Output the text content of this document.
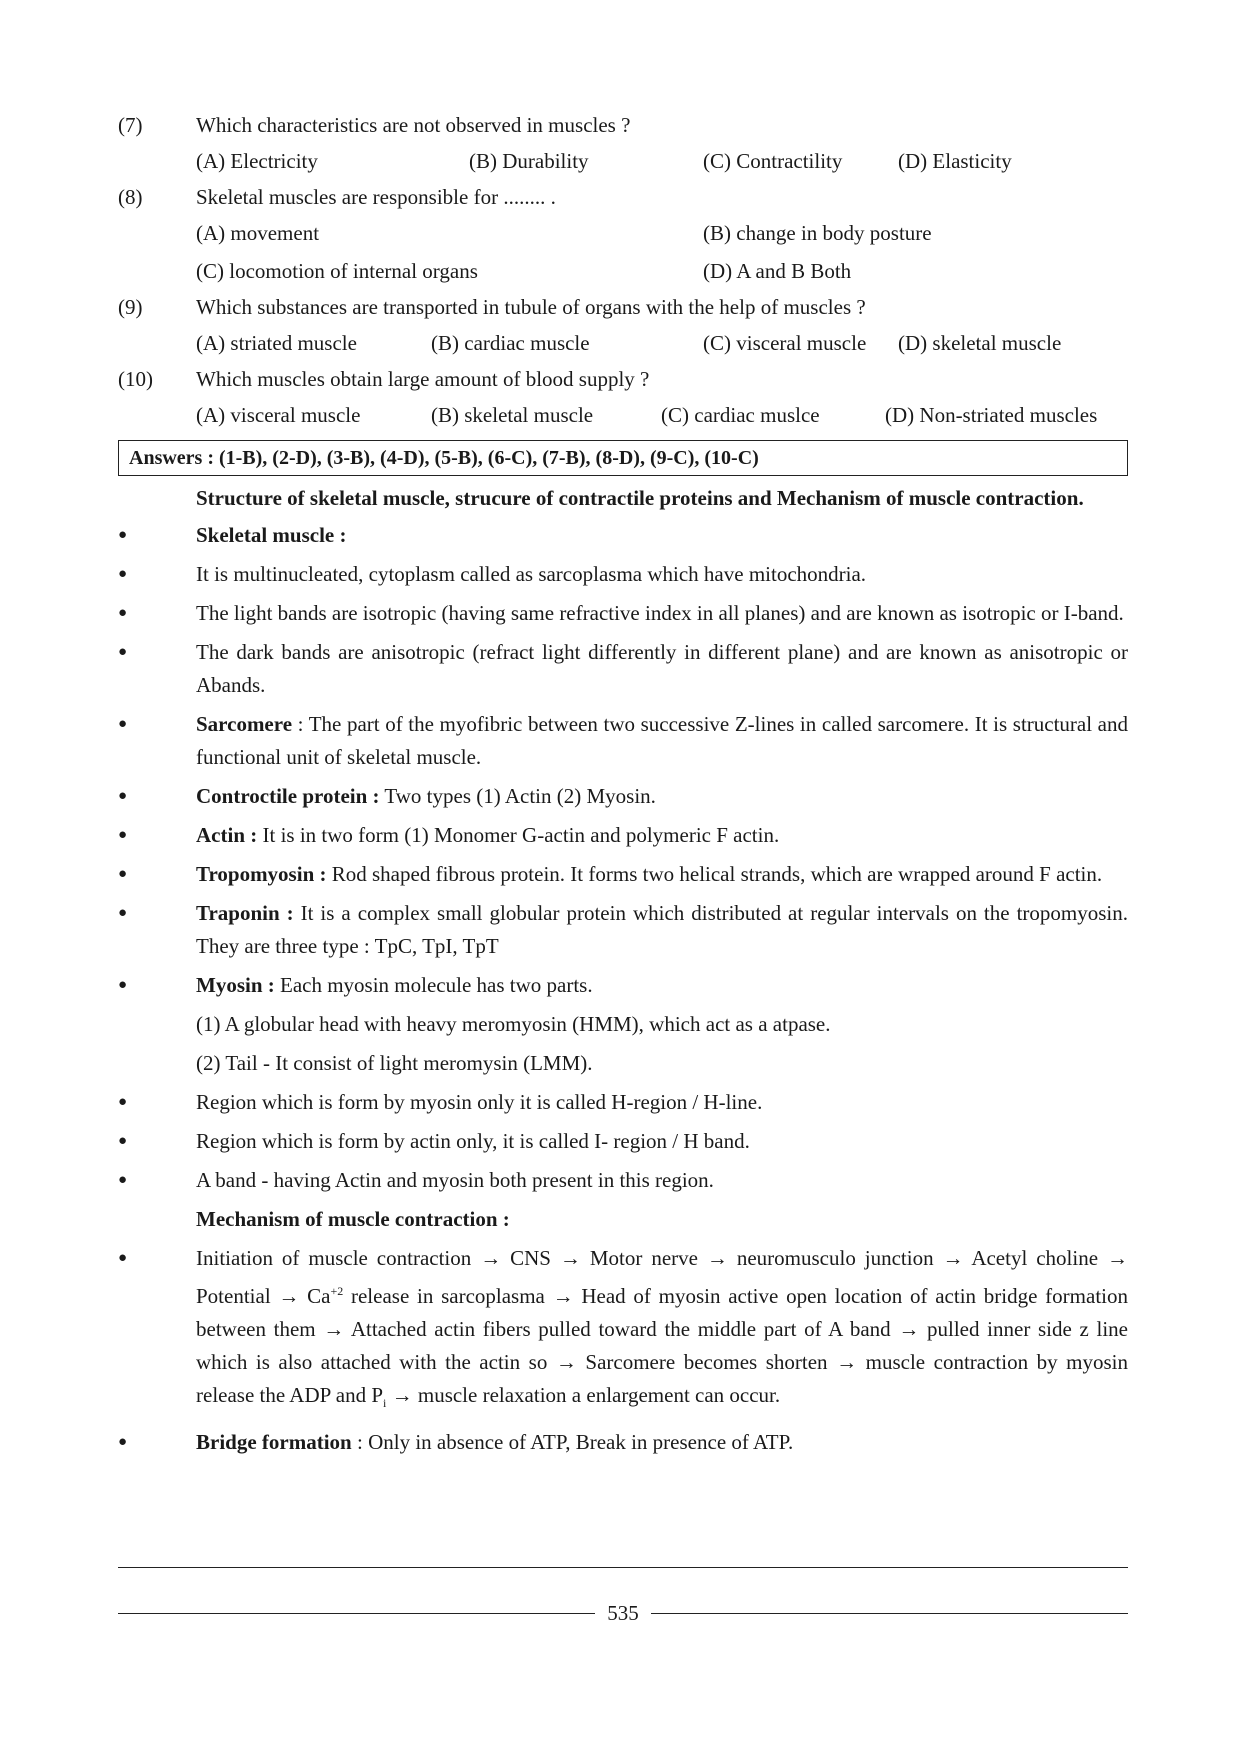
(7)	Which characteristics are not observed in muscles ?
(A) Electricity	(B) Durability	(C) Contractility	(D) Elasticity
(8)	Skeletal muscles are responsible for ........ .
(A) movement	(B) change in body posture
(C) locomotion of internal organs	(D) A and B Both
(9)	Which substances are transported in tubule of organs with the help of muscles ?
(A) striated muscle	(B) cardiac muscle	(C) visceral muscle	(D) skeletal muscle
(10)	Which muscles obtain large amount of blood supply ?
(A) visceral muscle	(B) skeletal muscle	(C) cardiac muslce	(D) Non-striated muscles
Answers : (1-B), (2-D), (3-B), (4-D), (5-B), (6-C), (7-B), (8-D), (9-C), (10-C)
Structure of skeletal muscle, strucure of contractile proteins and Mechanism of muscle contraction.
●	Skeletal muscle :
●	It is multinucleated, cytoplasm called as sarcoplasma which have mitochondria.
●	The light bands are isotropic (having same refractive index in all planes) and are known as isotropic or I-band.
●	The dark bands are anisotropic (refract light differently in different plane) and are known as anisotropic or Abands.
●	Sarcomere : The part of the myofibric between two successive Z-lines in called sarcomere. It is structural and functional unit of skeletal muscle.
●	Controctile protein : Two types (1) Actin (2) Myosin.
●	Actin : It is in two form (1) Monomer G-actin and polymeric F actin.
●	Tropomyosin : Rod shaped fibrous protein. It forms two helical strands, which are wrapped around F actin.
●	Traponin : It is a complex small globular protein which distributed at regular intervals on the tropomyosin. They are three type : TpC, TpI, TpT
●	Myosin : Each myosin molecule has two parts.
(1) A globular head with heavy meromyosin (HMM), which act as a atpase.
(2) Tail - It consist of light meromysin (LMM).
●	Region which is form by myosin only it is called H-region / H-line.
●	Region which is form by actin only, it is called I- region / H band.
●	A band - having Actin and myosin both present in this region.
Mechanism of muscle contraction :
●	Initiation of muscle contraction → CNS → Motor nerve → neuromusculo junction → Acetyl choline → Potential → $Ca^{+2}$ release in sarcoplasma → Head of myosin active open location of actin bridge formation between them → Attached actin fibers pulled toward the middle part of A band → pulled inner side z line which is also attached with the actin so → Sarcomere becomes shorten → muscle contraction by myosin release the ADP and $P_i$ → muscle relaxation a enlargement can occur.
●	Bridge formation : Only in absence of ATP, Break in presence of ATP.
535
